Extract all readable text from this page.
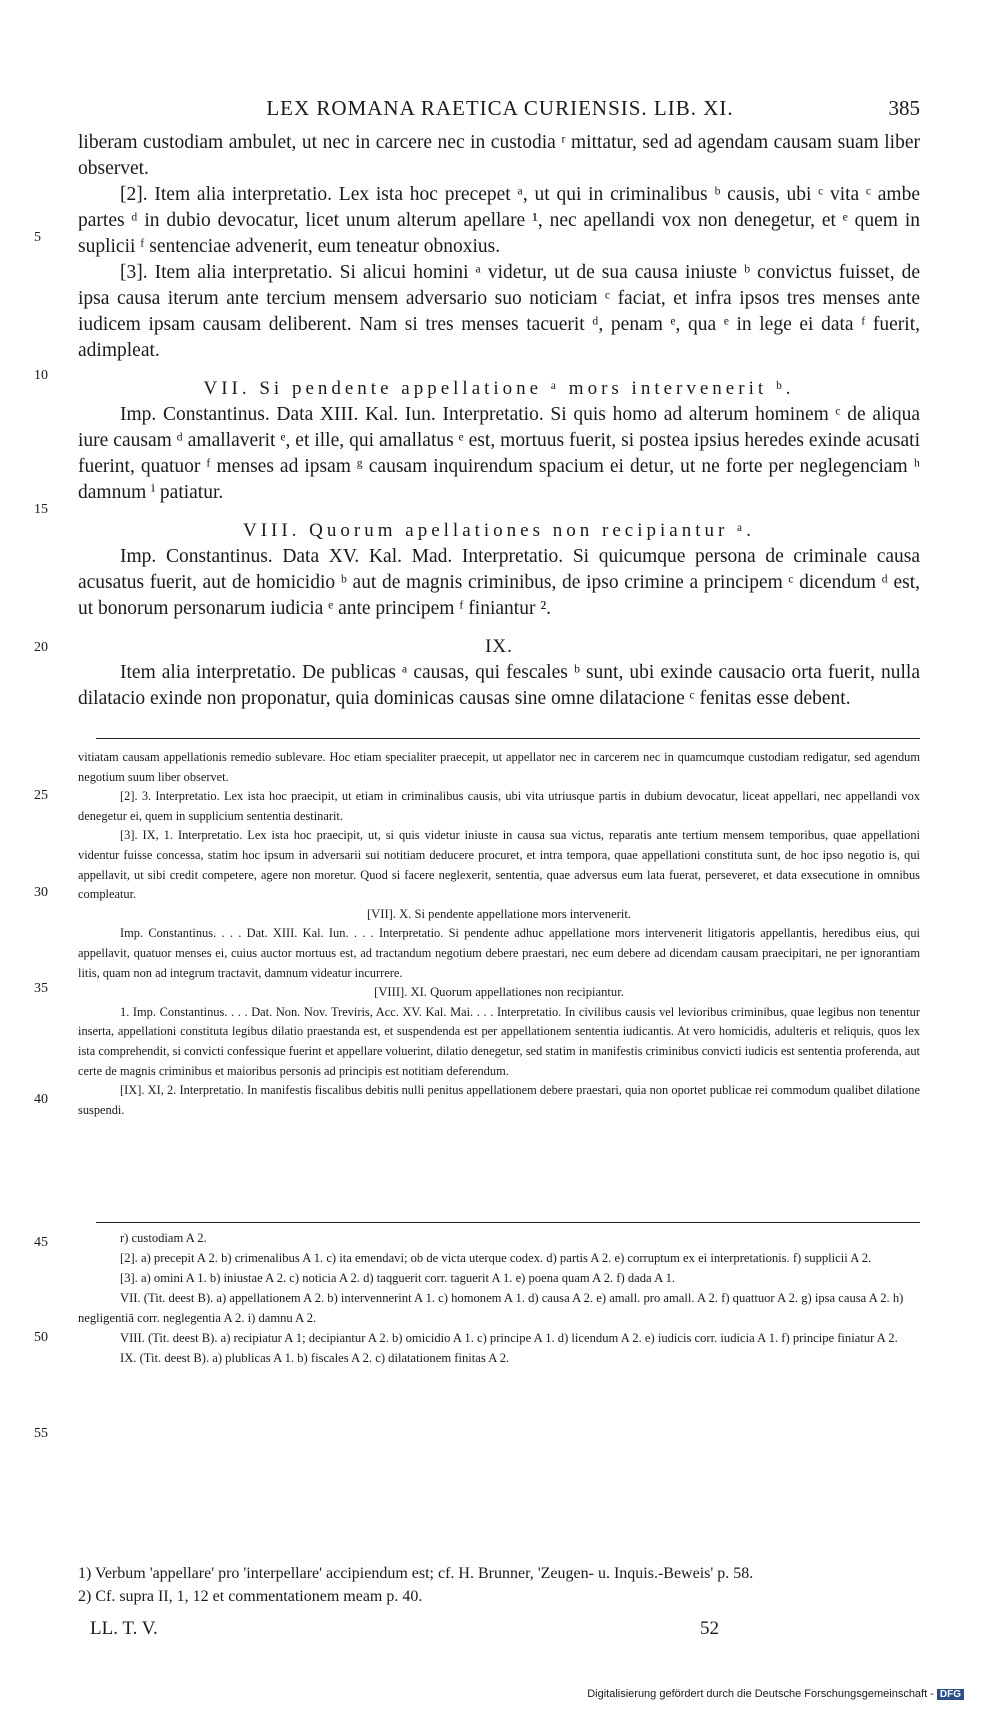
LEX ROMANA RAETICA CURIENSIS. LIB. XI.	385
5
10
15
20
25
30
35
40
45
50
55
liberam custodiam ambulet, ut nec in carcere nec in custodia ʳ mittatur, sed ad agendam causam suam liber observet.
[2]. Item alia interpretatio. Lex ista hoc precepet ᵃ, ut qui in criminalibus ᵇ causis, ubi ᶜ vita ᶜ ambe partes ᵈ in dubio devocatur, licet unum alterum apellare ¹, nec apellandi vox non denegetur, et ᵉ quem in suplicii ᶠ sentenciae advenerit, eum teneatur obnoxius.
[3]. Item alia interpretatio. Si alicui homini ᵃ videtur, ut de sua causa iniuste ᵇ convictus fuisset, de ipsa causa iterum ante tercium mensem adversario suo noticiam ᶜ faciat, et infra ipsos tres menses ante iudicem ipsam causam deliberent. Nam si tres menses tacuerit ᵈ, penam ᵉ, qua ᵉ in lege ei data ᶠ fuerit, adimpleat.
VII. Si pendente appellatione ᵃ mors intervenerit ᵇ.
Imp. Constantinus. Data XIII. Kal. Iun. Interpretatio. Si quis homo ad alterum hominem ᶜ de aliqua iure causam ᵈ amallaverit ᵉ, et ille, qui amallatus ᵉ est, mortuus fuerit, si postea ipsius heredes exinde acusati fuerint, quatuor ᶠ menses ad ipsam ᵍ causam inquirendum spacium ei detur, ut ne forte per neglegenciam ʰ damnum ⁱ patiatur.
VIII. Quorum apellationes non recipiantur ᵃ.
Imp. Constantinus. Data XV. Kal. Mad. Interpretatio. Si quicumque persona de criminale causa acusatus fuerit, aut de homicidio ᵇ aut de magnis criminibus, de ipso crimine a principem ᶜ dicendum ᵈ est, ut bonorum personarum iudicia ᵉ ante principem ᶠ finiantur ².
IX.
Item alia interpretatio. De publicas ᵃ causas, qui fescales ᵇ sunt, ubi exinde causacio orta fuerit, nulla dilatacio exinde non proponatur, quia dominicas causas sine omne dilatacione ᶜ fenitas esse debent.

vitiatam causam appellationis remedio sublevare. Hoc etiam specialiter praecepit, ut appellator nec in carcerem nec in quamcumque custodiam redigatur, sed agendum negotium suum liber observet.

[2]. 3. Interpretatio. Lex ista hoc praecipit, ut etiam in criminalibus causis, ubi vita utriusque partis in dubium devocatur, liceat appellari, nec appellandi vox denegetur ei, quem in supplicium sententia destinarit.

[3]. IX, 1. Interpretatio. Lex ista hoc praecipit, ut, si quis videtur iniuste in causa sua victus, reparatis ante tertium mensem temporibus, quae appellationi videntur fuisse concessa, statim hoc ipsum in adversarii sui notitiam deducere procuret, et intra tempora, quae appellationi constituta sunt, de hoc ipso negotio is, qui appellavit, ut sibi credit competere, agere non moretur. Quod si facere neglexerit, sententia, quae adversus eum lata fuerat, perseveret, et data exsecutione in omnibus compleatur.

[VII]. X. Si pendente appellatione mors intervenerit.

Imp. Constantinus. . . . Dat. XIII. Kal. Iun. . . . Interpretatio. Si pendente adhuc appellatione mors intervenerit litigatoris appellantis, heredibus eius, qui appellavit, quatuor menses ei, cuius auctor mortuus est, ad tractandum negotium debere praestari, nec eum debere ad dicendam causam praecipitari, ne per ignorantiam litis, quam non ad integrum tractavit, damnum videatur incurrere.

[VIII]. XI. Quorum appellationes non recipiantur.

1. Imp. Constantinus. . . . Dat. Non. Nov. Treviris, Acc. XV. Kal. Mai. . . . Interpretatio. In civilibus causis vel levioribus criminibus, quae legibus non tenentur inserta, appellationi constituta legibus dilatio praestanda est, et suspendenda est per appellationem sententia iudicantis. At vero homicidis, adulteris et reliquis, quos lex ista comprehendit, si convicti confessique fuerint et appellare voluerint, dilatio denegetur, sed statim in manifestis criminibus convicti iudicis est sententia proferenda, aut certe de magnis criminibus et maioribus personis ad principis est notitiam deferendum.

[IX]. XI, 2. Interpretatio. In manifestis fiscalibus debitis nulli penitus appellationem debere praestari, quia non oportet publicae rei commodum qualibet dilatione suspendi.

r) custodiam A 2.

[2]. a) precepit A 2. b) crimenalibus A 1. c) ita emendavi; ob de victa uterque codex. d) partis A 2. e) corruptum ex ei interpretationis. f) supplicii A 2.

[3]. a) omini A 1. b) iniustae A 2. c) noticia A 2. d) taqguerit corr. taguerit A 1. e) poena quam A 2. f) dada A 1.

VII. (Tit. deest B). a) appellationem A 2. b) intervennerint A 1. c) homonem A 1. d) causa A 2. e) amall. pro amall. A 2. f) quattuor A 2. g) ipsa causa A 2. h) negligentiā corr. neglegentia A 2. i) damnu A 2.

VIII. (Tit. deest B). a) recipiatur A 1; decipiantur A 2. b) omicidio A 1. c) principe A 1. d) licendum A 2. e) iudicis corr. iudicia A 1. f) principe finiatur A 2.

IX. (Tit. deest B). a) plublicas A 1. b) fiscales A 2. c) dilatationem finitas A 2.

1) Verbum 'appellare' pro 'interpellare' accipiendum est; cf. H. Brunner, 'Zeugen- u. Inquis.-Beweis' p. 58.

2) Cf. supra II, 1, 12 et commentationem meam p. 40.

LL. T. V.	52
Digitalisierung gefördert durch die Deutsche Forschungsgemeinschaft - DFG
